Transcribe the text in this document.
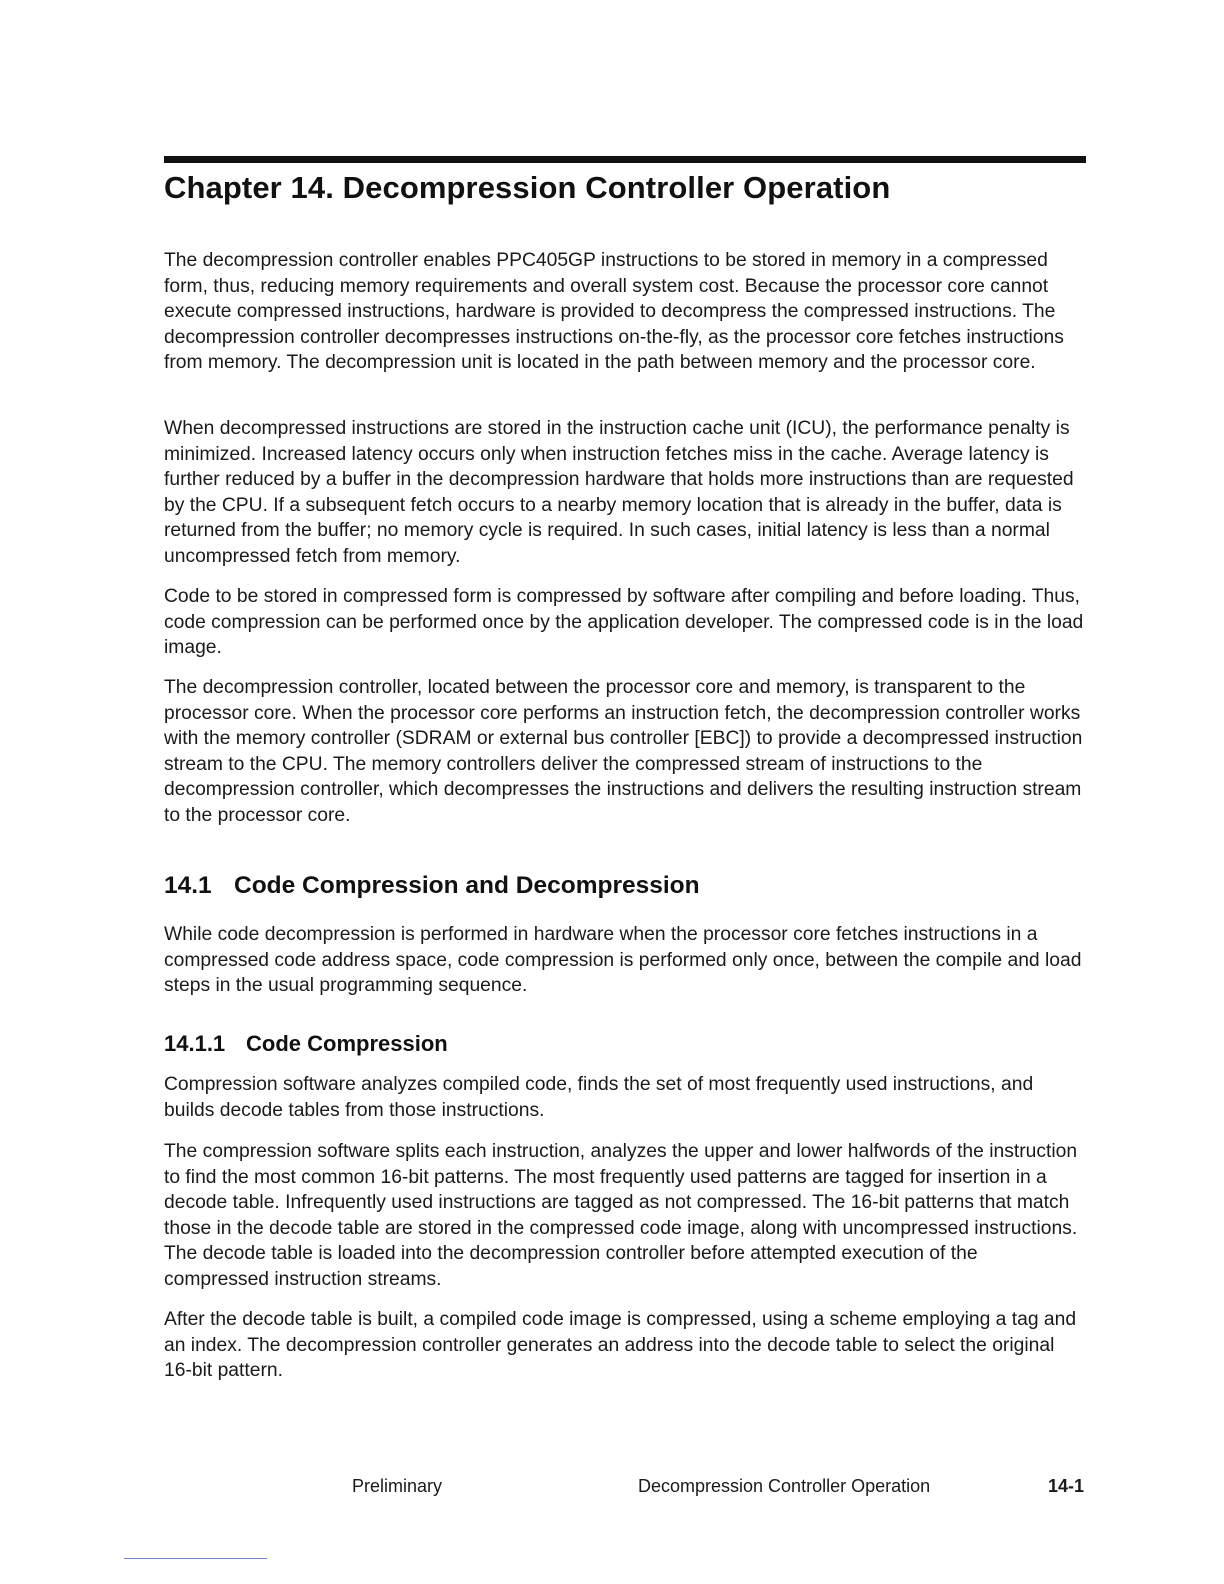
Chapter 14. Decompression Controller Operation

The decompression controller enables PPC405GP instructions to be stored in memory in a compressed form, thus, reducing memory requirements and overall system cost. Because the processor core cannot execute compressed instructions, hardware is provided to decompress the compressed instructions. The decompression controller decompresses instructions on-the-fly, as the processor core fetches instructions from memory. The decompression unit is located in the path between memory and the processor core.

When decompressed instructions are stored in the instruction cache unit (ICU), the performance penalty is minimized. Increased latency occurs only when instruction fetches miss in the cache. Average latency is further reduced by a buffer in the decompression hardware that holds more instructions than are requested by the CPU. If a subsequent fetch occurs to a nearby memory location that is already in the buffer, data is returned from the buffer; no memory cycle is required. In such cases, initial latency is less than a normal uncompressed fetch from memory.

Code to be stored in compressed form is compressed by software after compiling and before loading. Thus, code compression can be performed once by the application developer. The compressed code is in the load image.

The decompression controller, located between the processor core and memory, is transparent to the processor core. When the processor core performs an instruction fetch, the decompression controller works with the memory controller (SDRAM or external bus controller [EBC]) to provide a decompressed instruction stream to the CPU. The memory controllers deliver the compressed stream of instructions to the decompression controller, which decompresses the instructions and delivers the resulting instruction stream to the processor core.

14.1 Code Compression and Decompression

While code decompression is performed in hardware when the processor core fetches instructions in a compressed code address space, code compression is performed only once, between the compile and load steps in the usual programming sequence.

14.1.1 Code Compression

Compression software analyzes compiled code, finds the set of most frequently used instructions, and builds decode tables from those instructions.

The compression software splits each instruction, analyzes the upper and lower halfwords of the instruction to find the most common 16-bit patterns. The most frequently used patterns are tagged for insertion in a decode table. Infrequently used instructions are tagged as not compressed. The 16-bit patterns that match those in the decode table are stored in the compressed code image, along with uncompressed instructions. The decode table is loaded into the decompression controller before attempted execution of the compressed instruction streams.

After the decode table is built, a compiled code image is compressed, using a scheme employing a tag and an index. The decompression controller generates an address into the decode table to select the original 16-bit pattern.

Preliminary	Decompression Controller Operation	14-1
